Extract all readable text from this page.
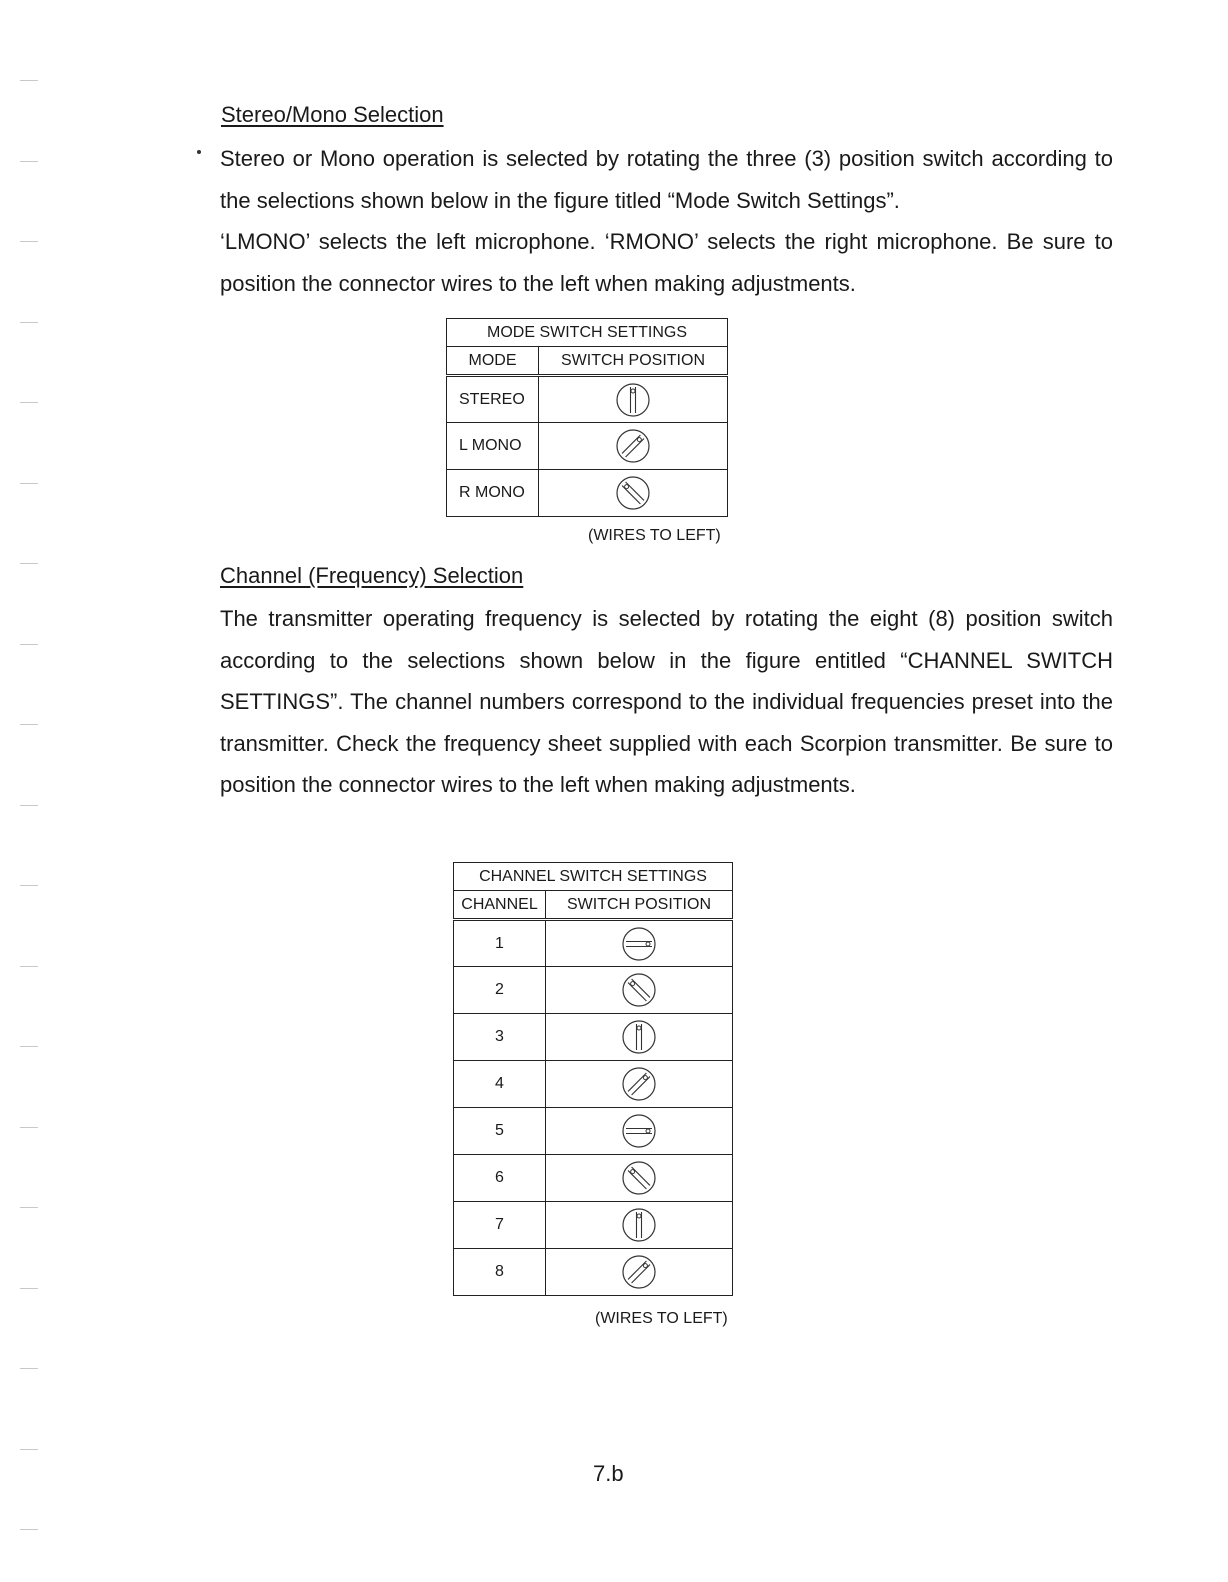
Stereo/Mono Selection

Stereo or Mono operation is selected by rotating the three (3) position switch according to the selections shown below in the figure titled “Mode Switch Settings”.

‘LMONO’ selects the left microphone. ‘RMONO’ selects the right microphone. Be sure to position the connector wires to the left when making adjustments.

MODE SWITCH SETTINGS	
MODE	SWITCH POSITION
STEREO	

L MONO	

R MONO	
(WIRES TO LEFT)
Channel (Frequency) Selection

The transmitter operating frequency is selected by rotating the eight (8) position switch according to the selections shown below in the figure entitled “CHANNEL SWITCH SETTINGS”. The channel numbers correspond to the individual frequencies preset into the transmitter. Check the frequency sheet supplied with each Scorpion transmitter. Be sure to position the connector wires to the left when making adjustments.

CHANNEL SWITCH SETTINGS	
CHANNEL	SWITCH POSITION
1	

2	

3	

4	

5	

6	

7	

8	
(WIRES TO LEFT)
7.b
